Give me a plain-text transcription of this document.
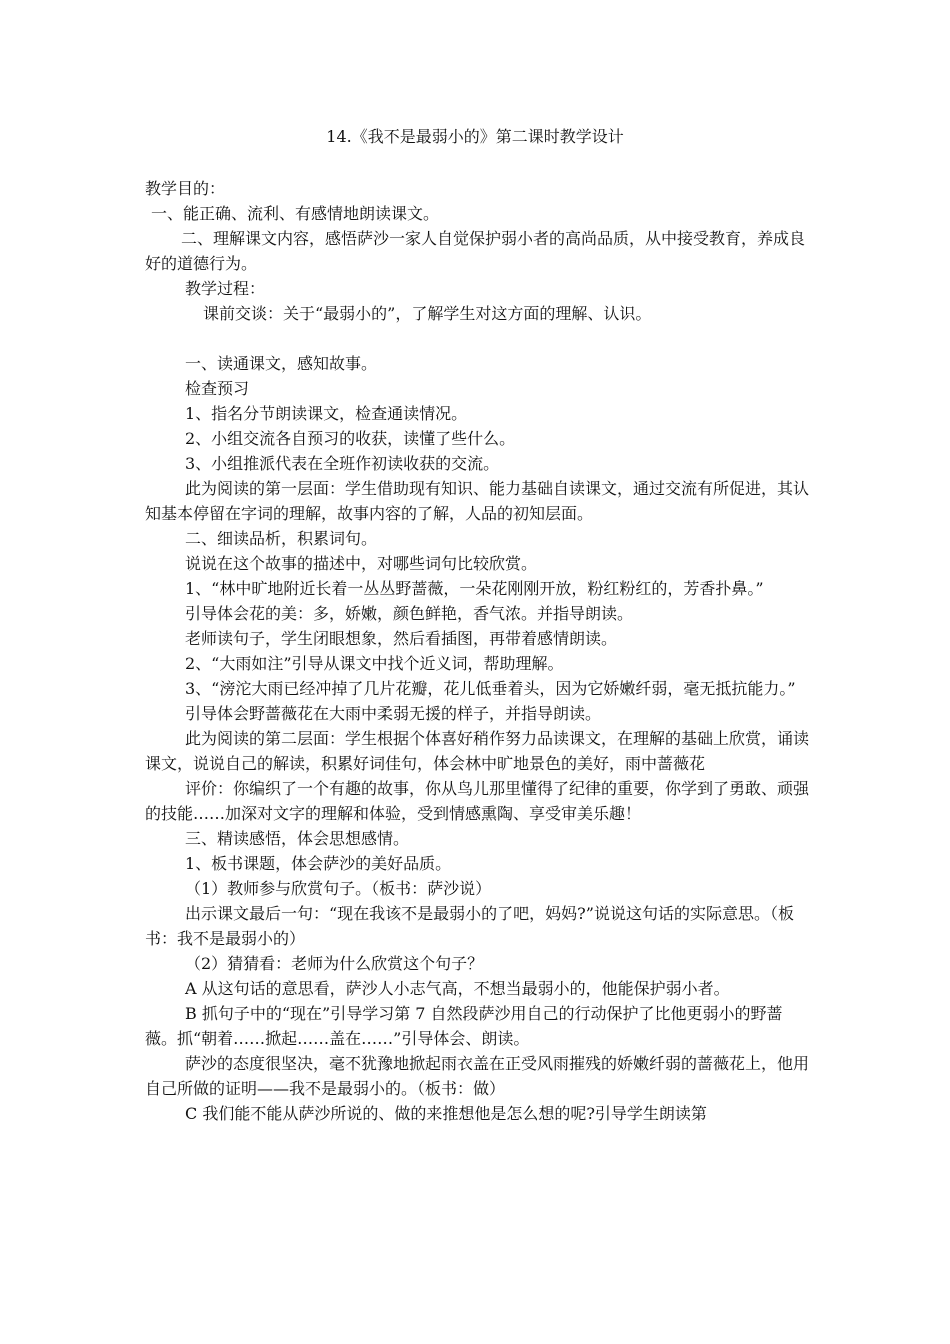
14.《我不是最弱小的》第二课时教学设计

教学目的：

一、能正确、流利、有感情地朗读课文。

二、理解课文内容，感悟萨沙一家人自觉保护弱小者的高尚品质，从中接受教育，养成良好的道德行为。

教学过程：

课前交谈：关于“最弱小的”，了解学生对这方面的理解、认识。

一、读通课文，感知故事。

检查预习

1、指名分节朗读课文，检查通读情况。

2、小组交流各自预习的收获，读懂了些什么。

3、小组推派代表在全班作初读收获的交流。

此为阅读的第一层面：学生借助现有知识、能力基础自读课文，通过交流有所促进，其认知基本停留在字词的理解，故事内容的了解，人品的初知层面。

二、细读品析，积累词句。

说说在这个故事的描述中，对哪些词句比较欣赏。

1、“林中旷地附近长着一丛丛野蔷薇，一朵花刚刚开放，粉红粉红的，芳香扑鼻。”

引导体会花的美：多，娇嫩，颜色鲜艳，香气浓。并指导朗读。

老师读句子，学生闭眼想象，然后看插图，再带着感情朗读。

2、“大雨如注”引导从课文中找个近义词，帮助理解。

3、“滂沱大雨已经冲掉了几片花瓣，花儿低垂着头，因为它娇嫩纤弱，毫无抵抗能力。”

引导体会野蔷薇花在大雨中柔弱无援的样子，并指导朗读。

此为阅读的第二层面：学生根据个体喜好稍作努力品读课文，在理解的基础上欣赏，诵读课文，说说自己的解读，积累好词佳句，体会林中旷地景色的美好，雨中蔷薇花

评价：你编织了一个有趣的故事，你从鸟儿那里懂得了纪律的重要，你学到了勇敢、顽强的技能……加深对文字的理解和体验，受到情感熏陶、享受审美乐趣！

三、精读感悟，体会思想感情。

1、板书课题，体会萨沙的美好品质。

（1）教师参与欣赏句子。（板书：萨沙说）

出示课文最后一句：“现在我该不是最弱小的了吧，妈妈?”说说这句话的实际意思。（板书：我不是最弱小的）

（2）猜猜看：老师为什么欣赏这个句子？

A 从这句话的意思看，萨沙人小志气高，不想当最弱小的，他能保护弱小者。

B 抓句子中的“现在”引导学习第 7 自然段萨沙用自己的行动保护了比他更弱小的野蔷薇。抓“朝着……掀起……盖在……”引导体会、朗读。

萨沙的态度很坚决，毫不犹豫地掀起雨衣盖在正受风雨摧残的娇嫩纤弱的蔷薇花上，他用自己所做的证明——我不是最弱小的。（板书：做）

C 我们能不能从萨沙所说的、做的来推想他是怎么想的呢?引导学生朗读第
